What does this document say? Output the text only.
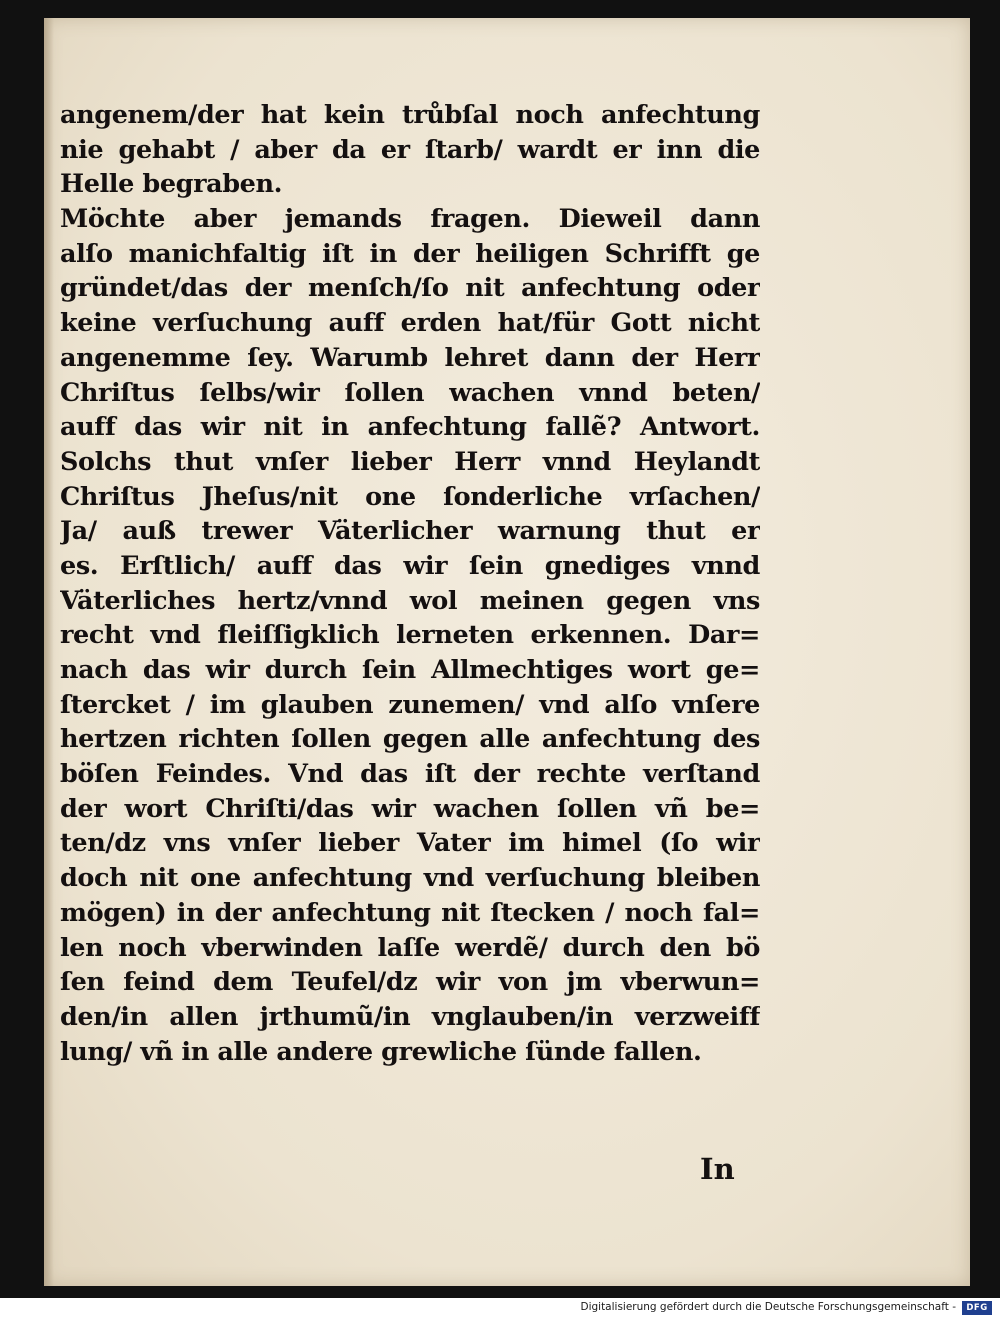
angenem/der hat kein trůbſal noch anfechtung
nie gehabt / aber da er ſtarb/ wardt er inn die
Helle begraben.
Möchte aber jemands fragen. Dieweil dann
alſo manichfaltig iſt in der heiligen Schrifft ge
gründet/das der menſch/ſo nit anfechtung oder
keine verſuchung auff erden hat/für Gott nicht
angenemme ſey. Warumb lehret dann der Herr
Chriſtus ſelbs/wir ſollen wachen vnnd beten/
auff das wir nit in anfechtung fallẽ? Antwort.
Solchs thut vnſer lieber Herr vnnd Heylandt
Chriſtus Jheſus/nit one ſonderliche vrſachen/
Ja/ auß trewer Väterlicher warnung thut er
es. Erſtlich/ auff das wir ſein gnediges vnnd
Väterliches hertz/vnnd wol meinen gegen vns
recht vnd fleiſſigklich lerneten erkennen. Dar=
nach das wir durch ſein Allmechtiges wort ge=
ſtercket / im glauben zunemen/ vnd alſo vnſere
hertzen richten ſollen gegen alle anfechtung des
böſen Feindes. Vnd das iſt der rechte verſtand
der wort Chriſti/das wir wachen ſollen vñ be=
ten/dz vns vnſer lieber Vater im himel (ſo wir
doch nit one anfechtung vnd verſuchung bleiben
mögen) in der anfechtung nit ſtecken / noch fal=
len noch vberwinden laſſe werdẽ/ durch den bö
ſen feind dem Teufel/dz wir von jm vberwun=
den/in allen jrthumũ/in vnglauben/in verzweiff
lung/ vñ in alle andere grewliche ſünde fallen.
In
Digitalisierung gefördert durch die Deutsche Forschungsgemeinschaft -	DFG
